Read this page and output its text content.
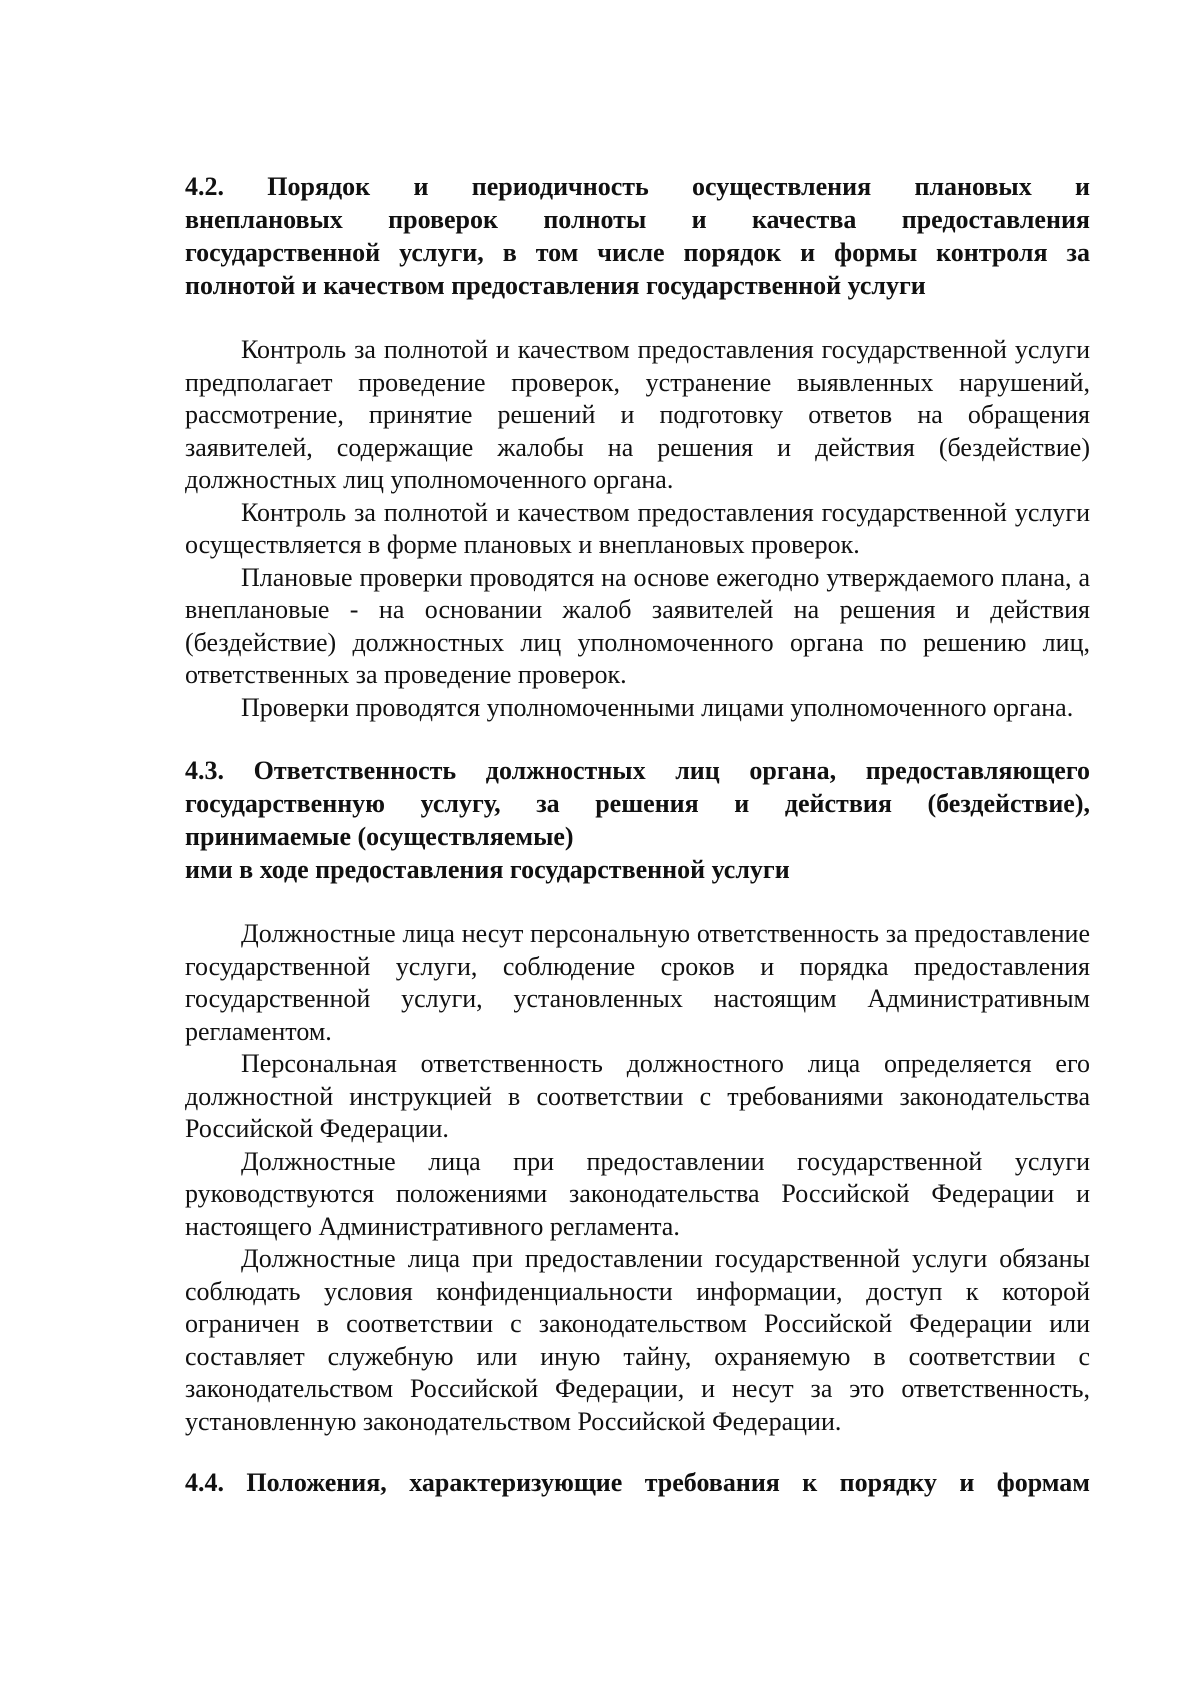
4.2. Порядок и периодичность осуществления плановых и
внеплановых проверок полноты и качества предоставления
государственной услуги, в том числе порядок и формы контроля за
полнотой и качеством предоставления государственной услуги

Контроль за полнотой и качеством предоставления государственной услуги предполагает проведение проверок, устранение выявленных нарушений, рассмотрение, принятие решений и подготовку ответов на обращения заявителей, содержащие жалобы на решения и действия (бездействие) должностных лиц уполномоченного органа.

Контроль за полнотой и качеством предоставления государственной услуги осуществляется в форме плановых и внеплановых проверок.

Плановые проверки проводятся на основе ежегодно утверждаемого плана, а внеплановые - на основании жалоб заявителей на решения и действия (бездействие) должностных лиц уполномоченного органа по решению лиц, ответственных за проведение проверок.

Проверки проводятся уполномоченными лицами уполномоченного органа.

4.3. Ответственность должностных лиц органа, предоставляющего
государственную услугу, за решения и действия (бездействие),
принимаемые (осуществляемые)
ими в ходе предоставления государственной услуги

Должностные лица несут персональную ответственность за предоставление государственной услуги, соблюдение сроков и порядка предоставления государственной услуги, установленных настоящим Административным регламентом.

Персональная ответственность должностного лица определяется его должностной инструкцией в соответствии с требованиями законодательства Российской Федерации.

Должностные лица при предоставлении государственной услуги руководствуются положениями законодательства Российской Федерации и настоящего Административного регламента.

Должностные лица при предоставлении государственной услуги обязаны соблюдать условия конфиденциальности информации, доступ к которой ограничен в соответствии с законодательством Российской Федерации или составляет служебную или иную тайну, охраняемую в соответствии с законодательством Российской Федерации, и несут за это ответственность, установленную законодательством Российской Федерации.

4.4. Положения, характеризующие требования к порядку и формам
